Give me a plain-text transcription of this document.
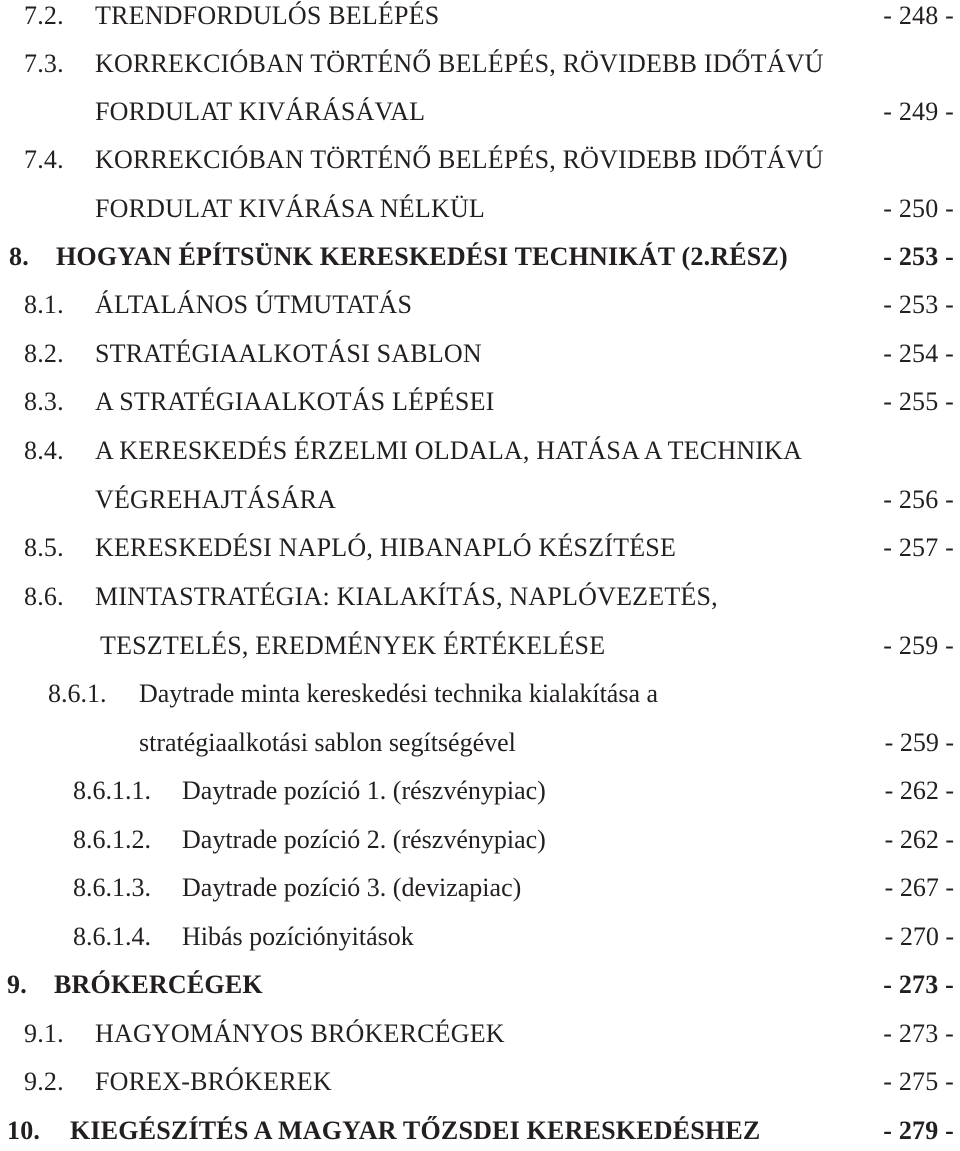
7.2. TRENDFORDULÓS BELÉPÉS	- 248 -
7.3. KORREKCIÓBAN TÖRTÉNŐ BELÉPÉS, RÖVIDEBB IDŐTÁVÚ
FORDULAT KIVÁRÁSÁVAL	- 249 -
7.4. KORREKCIÓBAN TÖRTÉNŐ BELÉPÉS, RÖVIDEBB IDŐTÁVÚ
FORDULAT KIVÁRÁSA NÉLKÜL	- 250 -
8. HOGYAN ÉPÍTSÜNK KERESKEDÉSI TECHNIKÁT (2.RÉSZ)	- 253 -
8.1. ÁLTALÁNOS ÚTMUTATÁS	- 253 -
8.2. STRATÉGIAALKOTÁSI SABLON	- 254 -
8.3. A STRATÉGIAALKOTÁS LÉPÉSEI	- 255 -
8.4. A KERESKEDÉS ÉRZELMI OLDALA, HATÁSA A TECHNIKA
VÉGREHAJTÁSÁRA	- 256 -
8.5. KERESKEDÉSI NAPLÓ, HIBANAPLÓ KÉSZÍTÉSE	- 257 -
8.6. MINTASTRATÉGIA: KIALAKÍTÁS, NAPLÓVEZETÉS,
TESZTELÉS, EREDMÉNYEK ÉRTÉKELÉSE	- 259 -
8.6.1. Daytrade minta kereskedési technika kialakítása a
stratégiaalkotási sablon segítségével	- 259 -
8.6.1.1. Daytrade pozíció 1. (részvénypiac)	- 262 -
8.6.1.2. Daytrade pozíció 2. (részvénypiac)	- 262 -
8.6.1.3. Daytrade pozíció 3. (devizapiac)	- 267 -
8.6.1.4. Hibás pozíciónyitások	- 270 -
9. BRÓKERCÉGEK	- 273 -
9.1. HAGYOMÁNYOS BRÓKERCÉGEK	- 273 -
9.2. FOREX-BRÓKEREK	- 275 -
10. KIEGÉSZÍTÉS A MAGYAR TŐZSDEI KERESKEDÉSHEZ	- 279 -
